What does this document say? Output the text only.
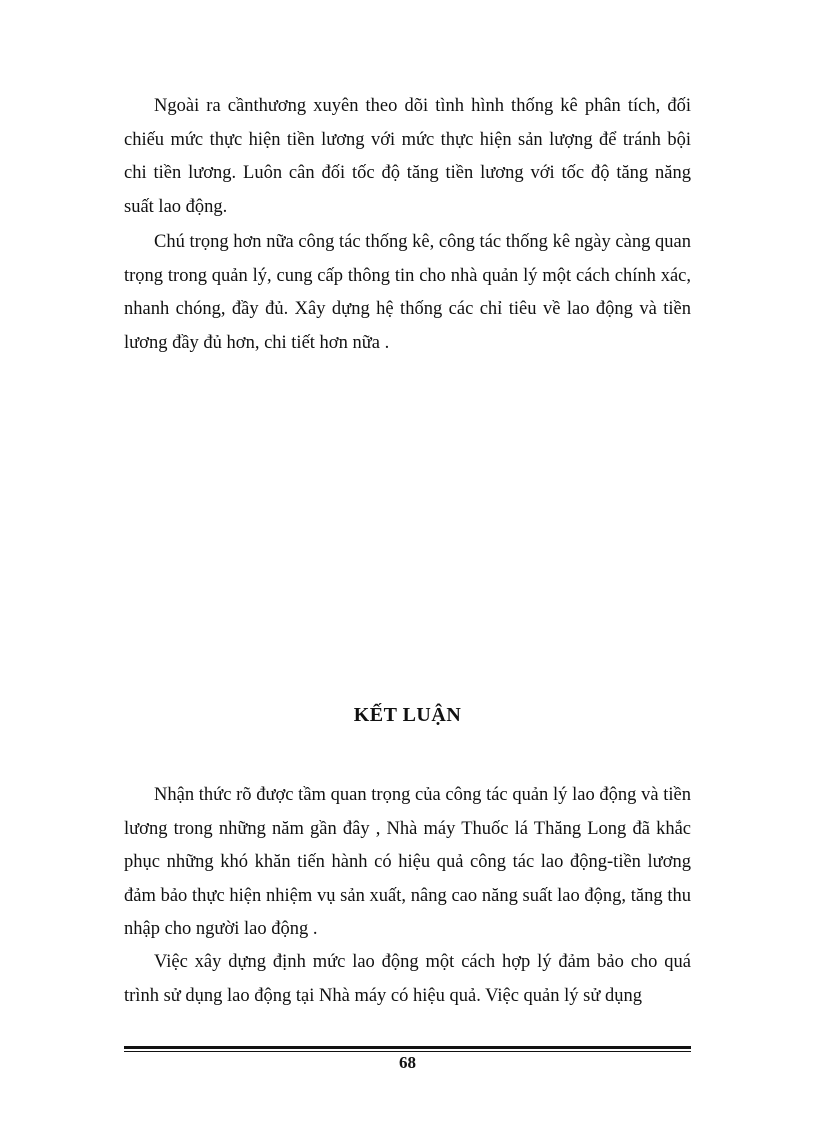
Ngoài ra cầnthương xuyên theo dõi tình hình thống kê phân tích, đối chiếu mức thực hiện tiền lương với mức thực hiện sản lượng để tránh bội chi tiền lương. Luôn cân đối tốc độ tăng tiền lương với tốc độ tăng năng suất lao động.

Chú trọng hơn nữa công tác thống kê, công tác thống kê ngày càng quan trọng trong quản lý, cung cấp thông tin cho nhà quản lý một cách chính xác, nhanh chóng, đầy đủ. Xây dựng hệ thống các chỉ tiêu về lao động và tiền lương đầy đủ hơn, chi tiết hơn nữa .

KẾT LUẬN

Nhận thức rõ được tầm quan trọng của công tác quản lý lao động và tiền lương trong những năm gần đây , Nhà máy Thuốc lá Thăng Long đã khắc phục những khó khăn tiến hành có hiệu quả công tác lao động-tiền lương đảm bảo thực hiện nhiệm vụ sản xuất, nâng cao năng suất lao động, tăng thu nhập cho người lao động .

Việc xây dựng định mức lao động một cách hợp lý đảm bảo cho quá trình sử dụng lao động tại Nhà máy có hiệu quả. Việc quản lý sử dụng

68
